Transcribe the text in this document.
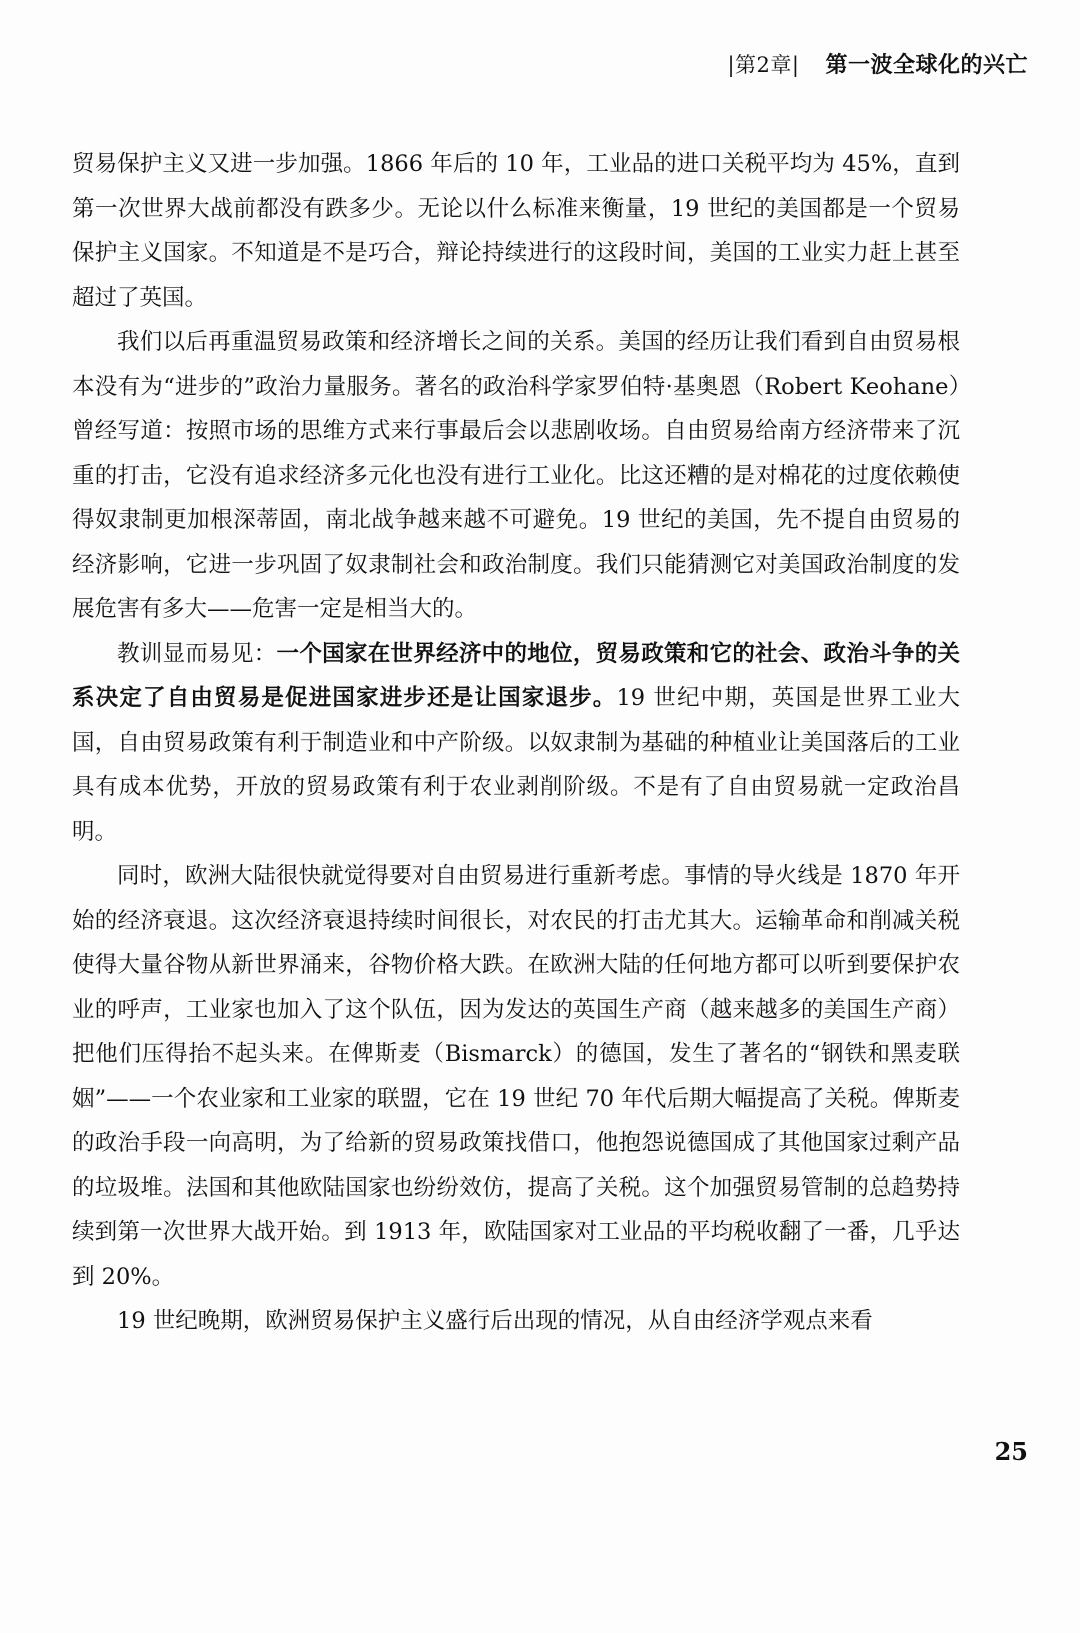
|第2章| 第一波全球化的兴亡

贸易保护主义又进一步加强。1866 年后的 10 年，工业品的进口关税平均为 45%，直到第一次世界大战前都没有跌多少。无论以什么标准来衡量，19 世纪的美国都是一个贸易保护主义国家。不知道是不是巧合，辩论持续进行的这段时间，美国的工业实力赶上甚至超过了英国。

我们以后再重温贸易政策和经济增长之间的关系。美国的经历让我们看到自由贸易根本没有为“进步的”政治力量服务。著名的政治科学家罗伯特·基奥恩（Robert Keohane）曾经写道：按照市场的思维方式来行事最后会以悲剧收场。自由贸易给南方经济带来了沉重的打击，它没有追求经济多元化也没有进行工业化。比这还糟的是对棉花的过度依赖使得奴隶制更加根深蒂固，南北战争越来越不可避免。19 世纪的美国，先不提自由贸易的经济影响，它进一步巩固了奴隶制社会和政治制度。我们只能猜测它对美国政治制度的发展危害有多大——危害一定是相当大的。

教训显而易见：一个国家在世界经济中的地位，贸易政策和它的社会、政治斗争的关系决定了自由贸易是促进国家进步还是让国家退步。19 世纪中期，英国是世界工业大国，自由贸易政策有利于制造业和中产阶级。以奴隶制为基础的种植业让美国落后的工业具有成本优势，开放的贸易政策有利于农业剥削阶级。不是有了自由贸易就一定政治昌明。

同时，欧洲大陆很快就觉得要对自由贸易进行重新考虑。事情的导火线是 1870 年开始的经济衰退。这次经济衰退持续时间很长，对农民的打击尤其大。运输革命和削减关税使得大量谷物从新世界涌来，谷物价格大跌。在欧洲大陆的任何地方都可以听到要保护农业的呼声，工业家也加入了这个队伍，因为发达的英国生产商（越来越多的美国生产商）把他们压得抬不起头来。在俾斯麦（Bismarck）的德国，发生了著名的“钢铁和黑麦联姻”——一个农业家和工业家的联盟，它在 19 世纪 70 年代后期大幅提高了关税。俾斯麦的政治手段一向高明，为了给新的贸易政策找借口，他抱怨说德国成了其他国家过剩产品的垃圾堆。法国和其他欧陆国家也纷纷效仿，提高了关税。这个加强贸易管制的总趋势持续到第一次世界大战开始。到 1913 年，欧陆国家对工业品的平均税收翻了一番，几乎达到 20%。

19 世纪晚期，欧洲贸易保护主义盛行后出现的情况，从自由经济学观点来看

25
